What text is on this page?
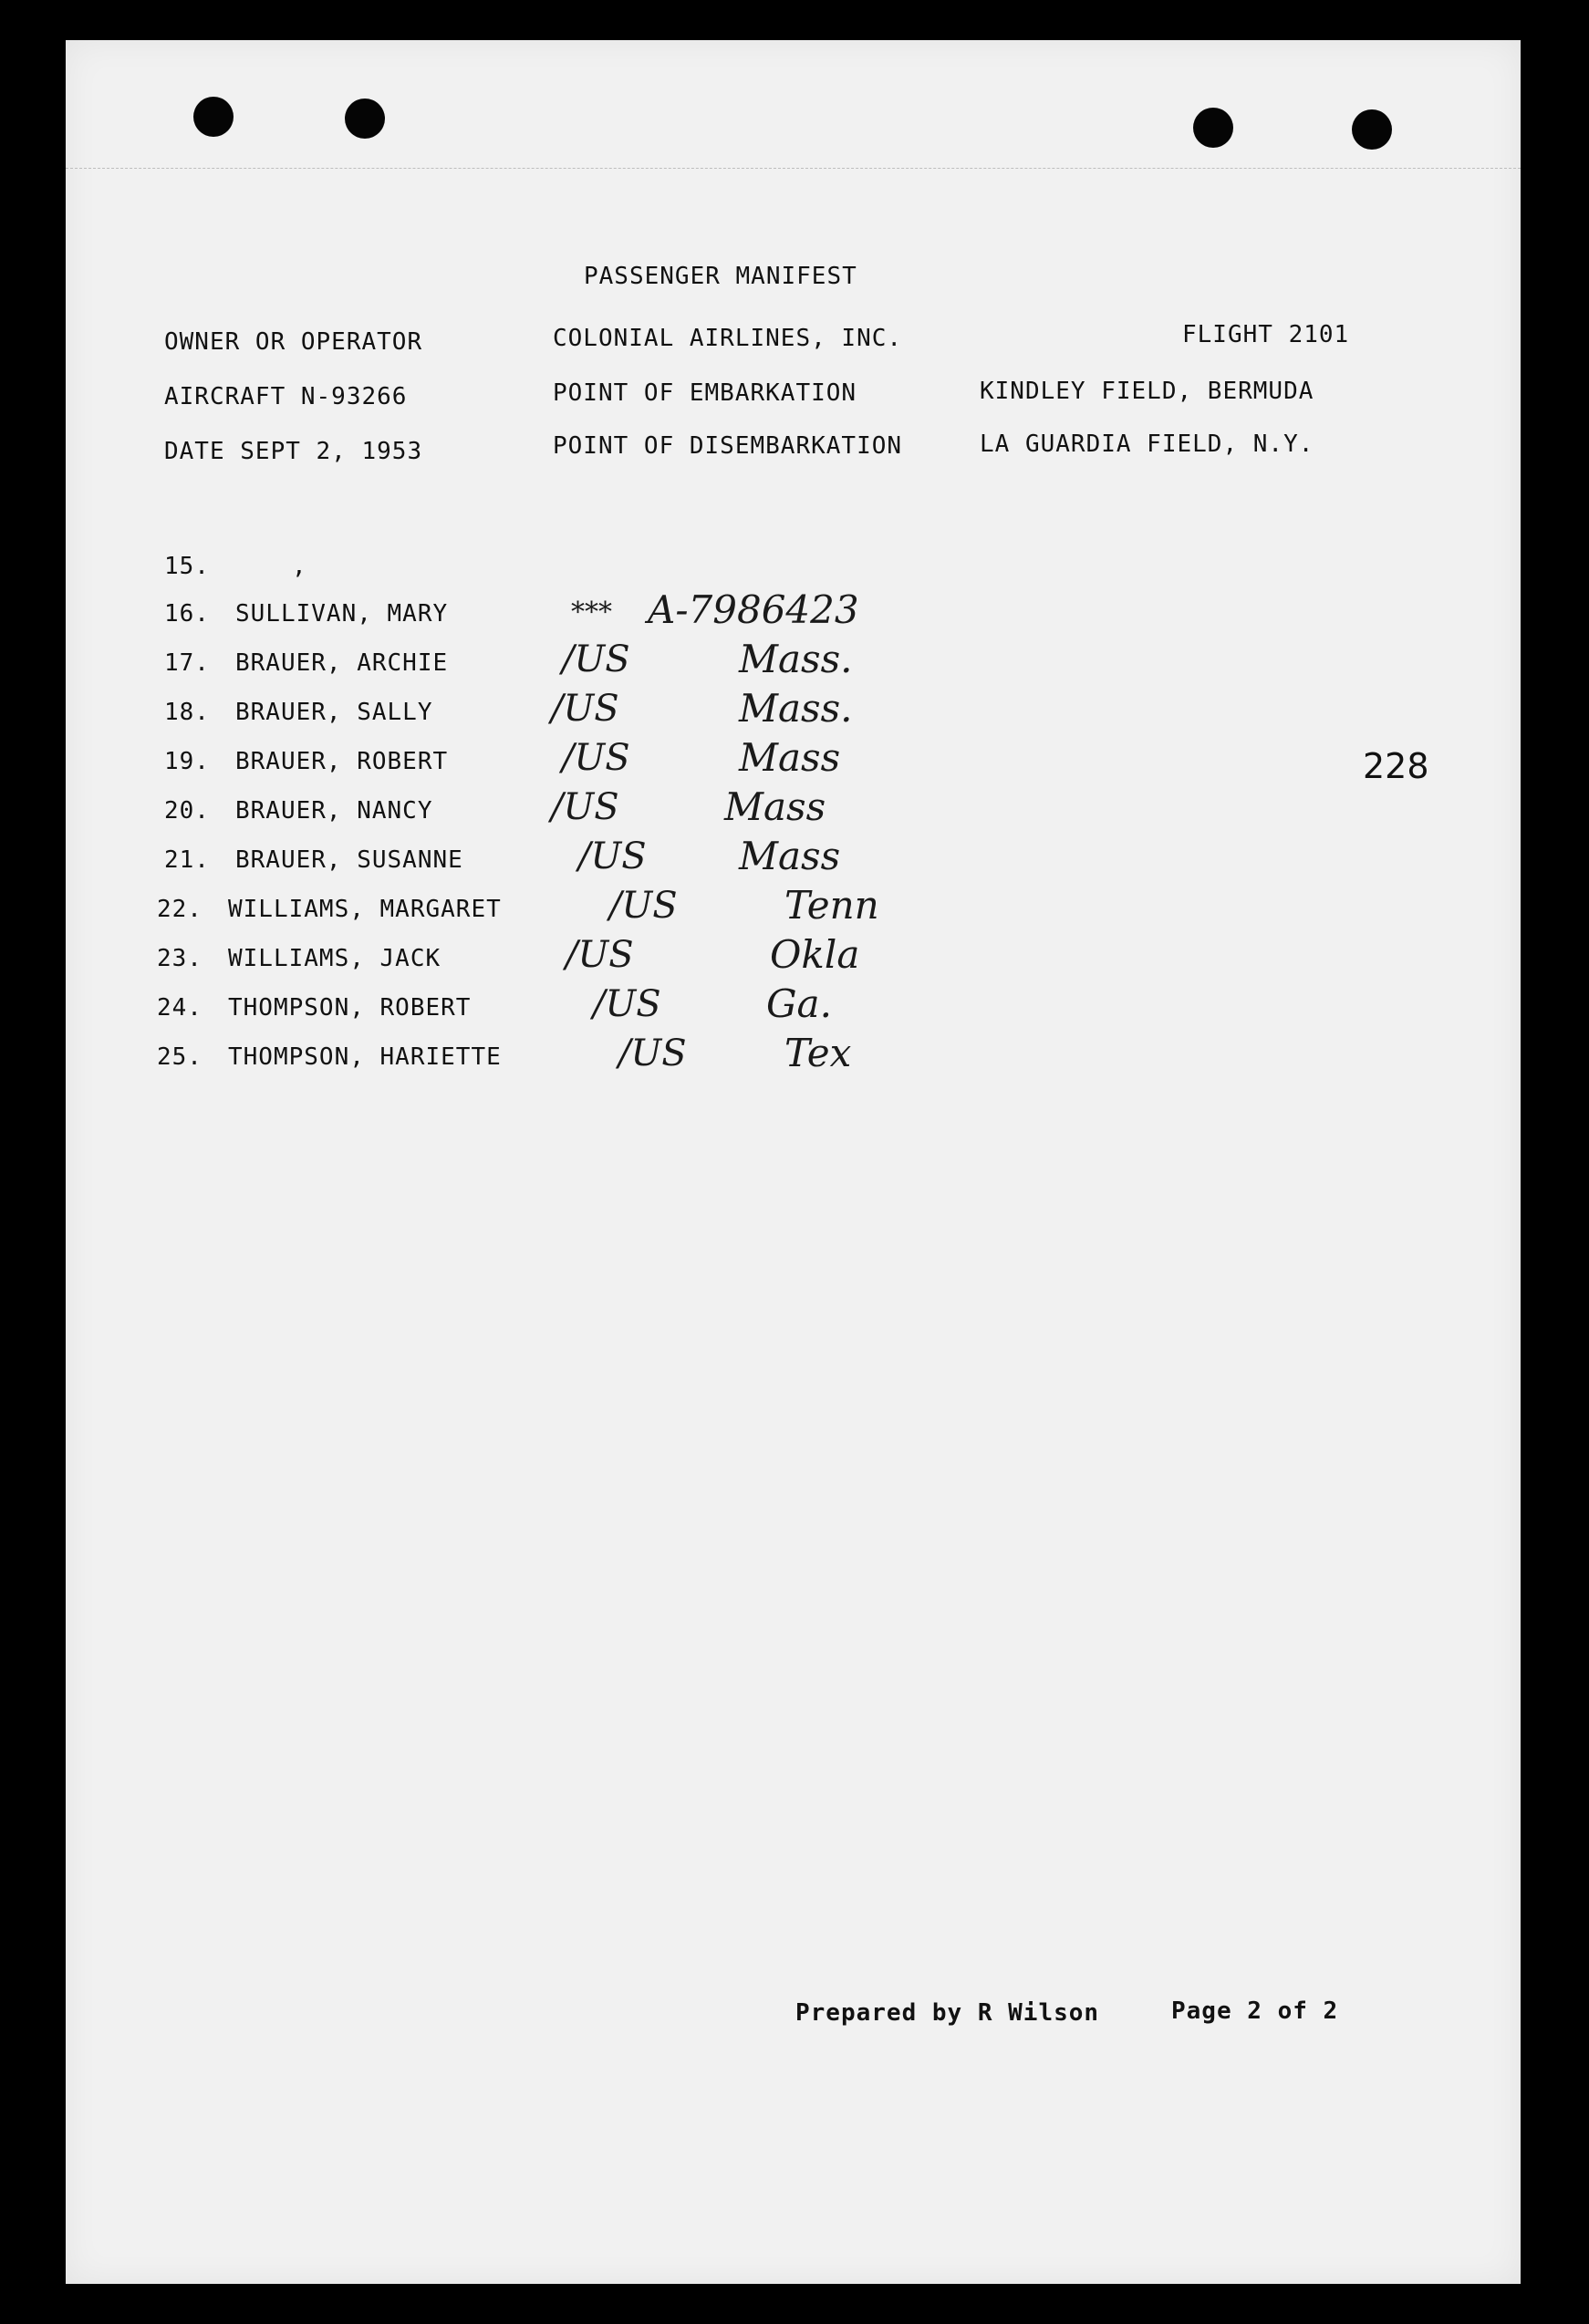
PASSENGER MANIFEST
OWNER OR OPERATOR	COLONIAL AIRLINES, INC.	FLIGHT 2101
AIRCRAFT N-93266	POINT OF EMBARKATION	KINDLEY FIELD, BERMUDA
DATE SEPT 2, 1953	POINT OF DISEMBARKATION	LA GUARDIA FIELD, N.Y.
15.	,
16. SULLIVAN, MARY	*** A-7986423
17. BRAUER, ARCHIE	/US	Mass.
18. BRAUER, SALLY	/US	Mass.
19. BRAUER, ROBERT	/US	Mass
20. BRAUER, NANCY	/US	Mass
21. BRAUER, SUSANNE	/US Mass
22. WILLIAMS, MARGARET	/US	Tenn
23. WILLIAMS, JACK	/US	Okla
24. THOMPSON, ROBERT	/US	Ga.
25. THOMPSON, HARIETTE	/US	Tex
228
Prepared by R Wilson	Page 2 of 2
